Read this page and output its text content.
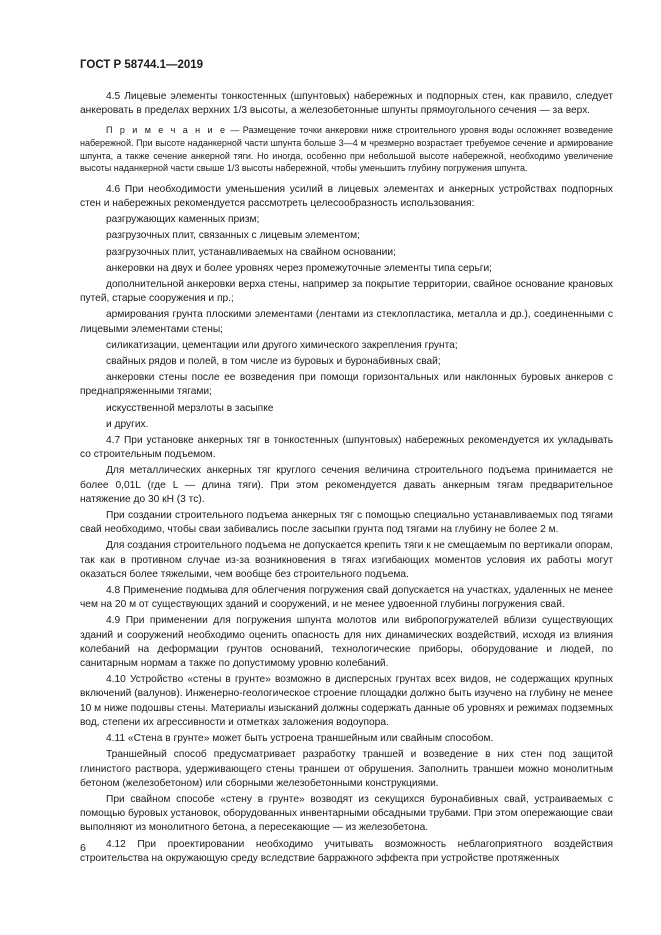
ГОСТ Р 58744.1—2019

4.5 Лицевые элементы тонкостенных (шпунтовых) набережных и подпорных стен, как правило, следует анкеровать в пределах верхних 1/3 высоты, а железобетонные шпунты прямоугольного сечения — за верх.

П р и м е ч а н и е — Размещение точки анкеровки ниже строительного уровня воды осложняет возведение набережной. При высоте наданкерной части шпунта больше 3—4 м чрезмерно возрастает требуемое сечение и армирование шпунта, а также сечение анкерной тяги. Но иногда, особенно при небольшой высоте набережной, необходимо увеличение высоты наданкерной части свыше 1/3 высоты набережной, чтобы уменьшить глубину погружения шпунта.

4.6 При необходимости уменьшения усилий в лицевых элементах и анкерных устройствах подпорных стен и набережных рекомендуется рассмотреть целесообразность использования:

разгружающих каменных призм;

разгрузочных плит, связанных с лицевым элементом;

разгрузочных плит, устанавливаемых на свайном основании;

анкеровки на двух и более уровнях через промежуточные элементы типа серьги;

дополнительной анкеровки верха стены, например за покрытие территории, свайное основание крановых путей, старые сооружения и пр.;

армирования грунта плоскими элементами (лентами из стеклопластика, металла и др.), соединенными с лицевыми элементами стены;

силикатизации, цементации или другого химического закрепления грунта;

свайных рядов и полей, в том числе из буровых и буронабивных свай;

анкеровки стены после ее возведения при помощи горизонтальных или наклонных буровых анкеров с преднапряженными тягами;

искусственной мерзлоты в засыпке

и других.

4.7 При установке анкерных тяг в тонкостенных (шпунтовых) набережных рекомендуется их укладывать со строительным подъемом.

Для металлических анкерных тяг круглого сечения величина строительного подъема принимается не более 0,01L (где L — длина тяги). При этом рекомендуется давать анкерным тягам предварительное натяжение до 30 кН (3 тс).

При создании строительного подъема анкерных тяг с помощью специально устанавливаемых под тягами свай необходимо, чтобы сваи забивались после засыпки грунта под тягами на глубину не более 2 м.

Для создания строительного подъема не допускается крепить тяги к не смещаемым по вертикали опорам, так как в противном случае из-за возникновения в тягах изгибающих моментов условия их работы могут оказаться более тяжелыми, чем вообще без строительного подъема.

4.8 Применение подмыва для облегчения погружения свай допускается на участках, удаленных не менее чем на 20 м от существующих зданий и сооружений, и не менее удвоенной глубины погружения свай.

4.9 При применении для погружения шпунта молотов или вибропогружателей вблизи существующих зданий и сооружений необходимо оценить опасность для них динамических воздействий, исходя из влияния колебаний на деформации грунтов оснований, технологические приборы, оборудование и людей, по санитарным нормам а также по допустимому уровню колебаний.

4.10 Устройство «стены в грунте» возможно в дисперсных грунтах всех видов, не содержащих крупных включений (валунов). Инженерно-геологическое строение площадки должно быть изучено на глубину не менее 10 м ниже подошвы стены. Материалы изысканий должны содержать данные об уровнях и режимах подземных вод, степени их агрессивности и отметках заложения водоупора.

4.11 «Стена в грунте» может быть устроена траншейным или свайным способом.

Траншейный способ предусматривает разработку траншей и возведение в них стен под защитой глинистого раствора, удерживающего стены траншеи от обрушения. Заполнить траншеи можно монолитным бетоном (железобетоном) или сборными железобетонными конструкциями.

При свайном способе «стену в грунте» возводят из секущихся буронабивных свай, устраиваемых с помощью буровых установок, оборудованных инвентарными обсадными трубами. При этом опережающие сваи выполняют из монолитного бетона, а пересекающие — из железобетона.

4.12 При проектировании необходимо учитывать возможность неблагоприятного воздействия строительства на окружающую среду вследствие барражного эффекта при устройстве протяженных

6
